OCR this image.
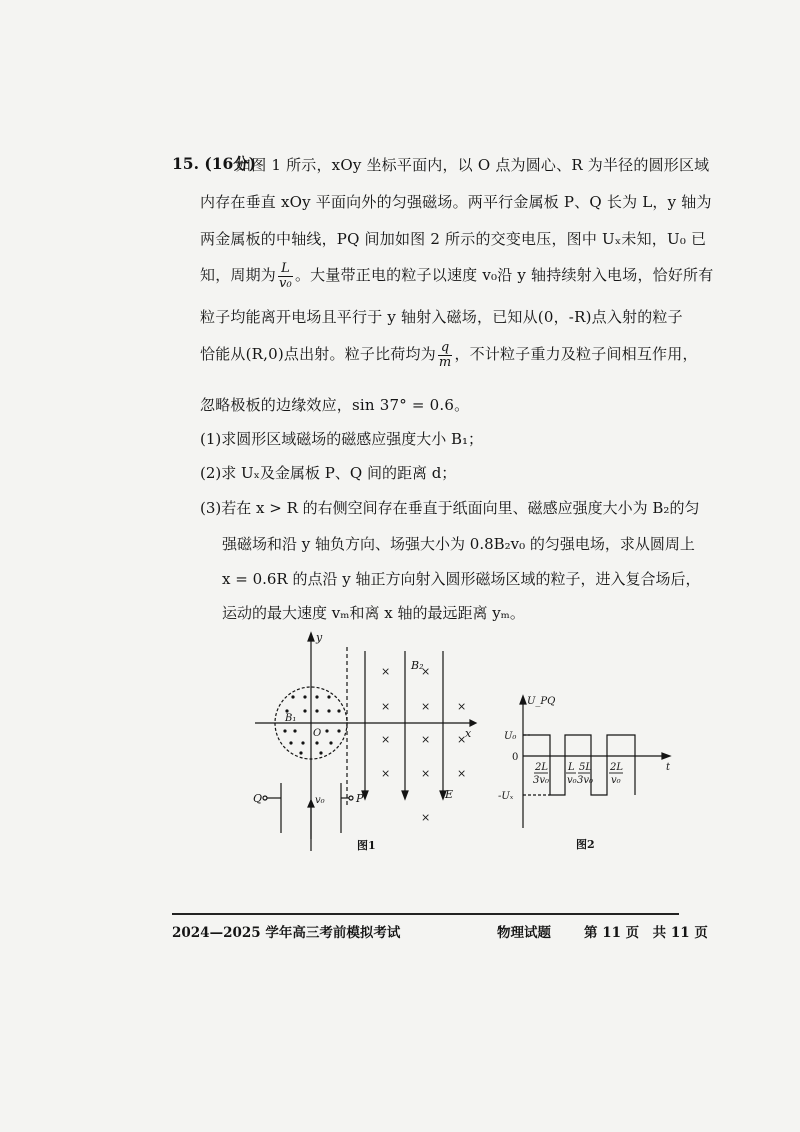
15. (16分)
如图 1 所示，xOy 坐标平面内，以 O 点为圆心、R 为半径的圆形区域
内存在垂直 xOy 平面向外的匀强磁场。两平行金属板 P、Q 长为 L，y 轴为
两金属板的中轴线，PQ 间加如图 2 所示的交变电压，图中 Uₓ未知，U₀ 已
知，周期为 $\frac{L}{\text{v₀}}$ 。大量带正电的粒子以速度 v₀沿 y 轴持续射入电场，恰好所有
粒子均能离开电场且平行于 y 轴射入磁场，已知从(0，-R)点入射的粒子
恰能从(R,0)点出射。粒子比荷均为 $\frac{q}{m}$ ，不计粒子重力及粒子间相互作用，
忽略极板的边缘效应，sin 37° = 0.6。
(1)求圆形区域磁场的磁感应强度大小 B₁；
(2)求 Uₓ及金属板 P、Q 间的距离 d；
(3)若在 x > R 的右侧空间存在垂直于纸面向里、磁感应强度大小为 B₂的匀
强磁场和沿 y 轴负方向、场强大小为 0.8B₂v₀ 的匀强电场，求从圆周上
x = 0.6R 的点沿 y 轴正方向射入圆形磁场区域的粒子，进入复合场后，
运动的最大速度 vₘ和离 x 轴的最远距离 yₘ。
×	×
×	× ×
×	× ×
×	× ×
×
y
x
O
B₁
B₂
E
P
Q	v₀
图1
U_PQ
t
U₀
0
-Uₓ
2L
3v₀
L
v₀
5L
3v₀
2L
v₀
图2
2024—2025 学年高三考前模拟考试	物理试题 第 11 页　共 11 页
